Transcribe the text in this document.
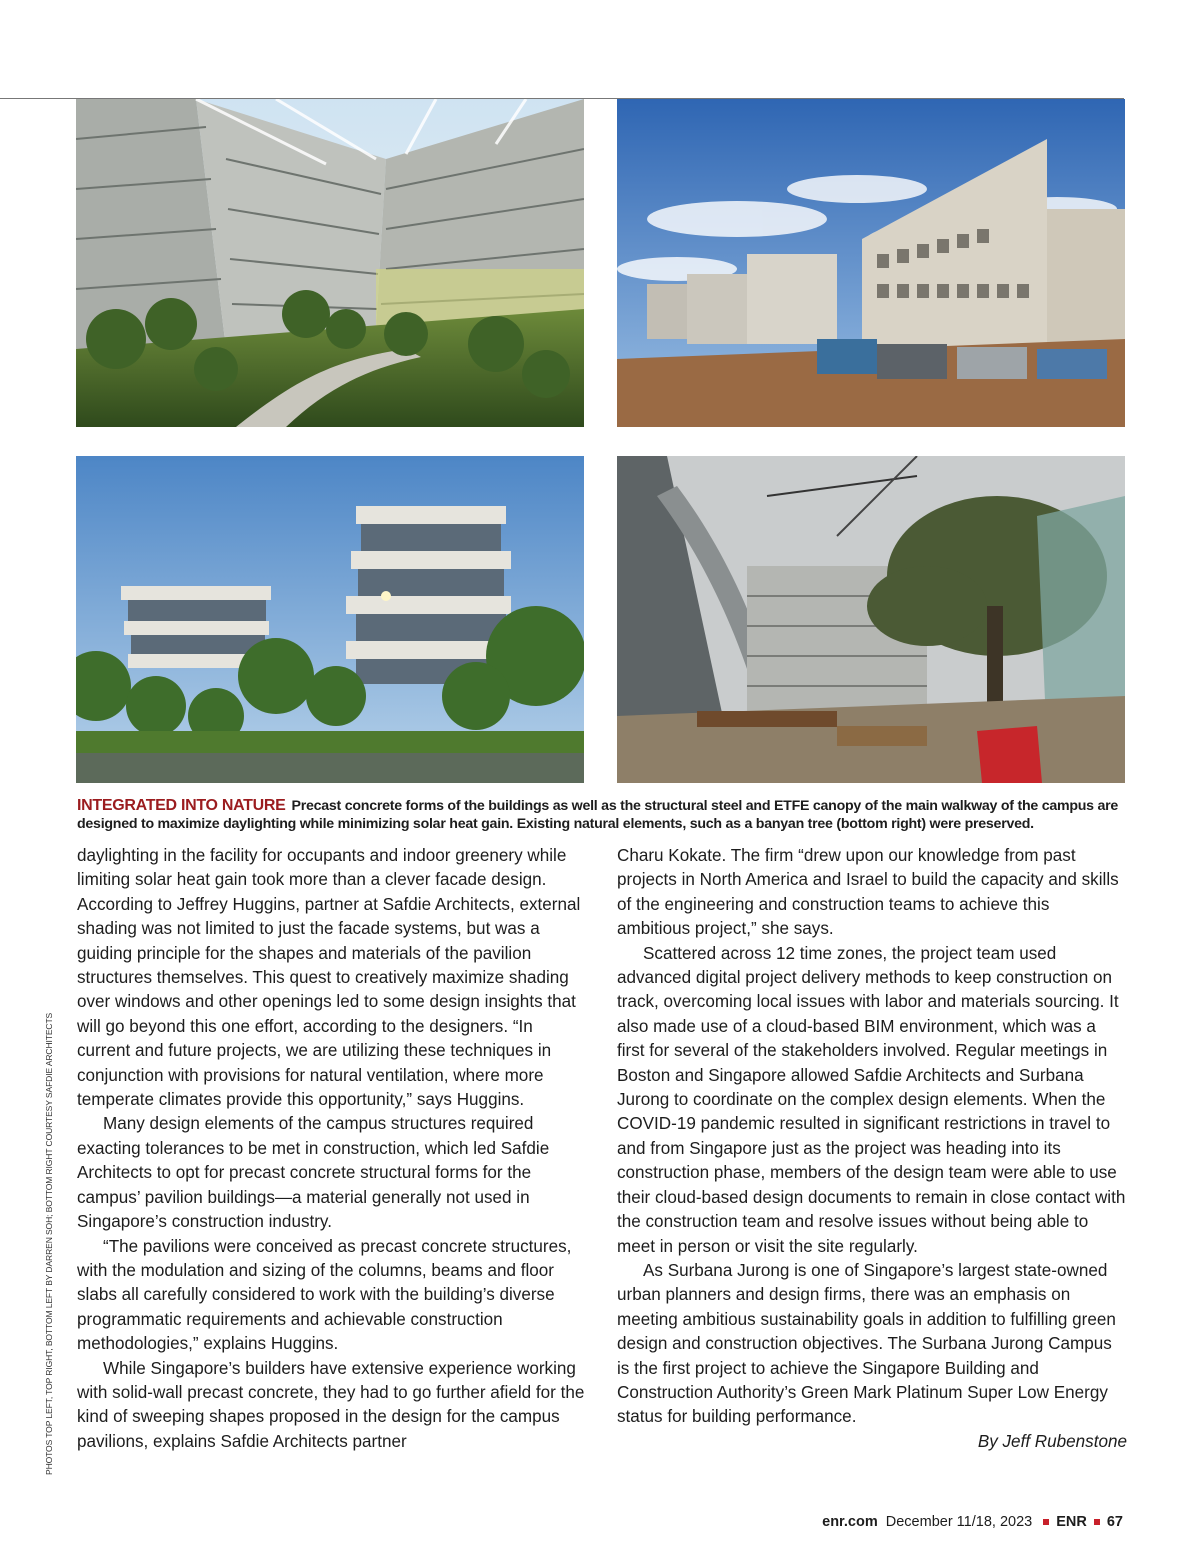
INTEGRATED INTO NATURE Precast concrete forms of the buildings as well as the structural steel and ETFE canopy of the main walkway of the campus are designed to maximize daylighting while minimizing solar heat gain. Existing natural elements, such as a banyan tree (bottom right) were preserved.

daylighting in the facility for occupants and indoor greenery while limiting solar heat gain took more than a clever facade design. According to Jeffrey Huggins, partner at Safdie Architects, external shading was not limited to just the facade systems, but was a guiding principle for the shapes and materials of the pavilion structures themselves. This quest to creatively maximize shading over windows and other openings led to some design insights that will go beyond this one effort, according to the designers. “In current and future projects, we are utilizing these techniques in conjunction with provisions for natural ventilation, where more temperate climates provide this opportunity,” says Huggins.

Many design elements of the campus structures required exacting tolerances to be met in construction, which led Safdie Architects to opt for precast concrete structural forms for the campus’ pavilion buildings—a material generally not used in Singapore’s construction industry.

“The pavilions were conceived as precast concrete structures, with the modulation and sizing of the columns, beams and floor slabs all carefully considered to work with the building’s diverse programmatic requirements and achievable construction methodologies,” explains Huggins.

While Singapore’s builders have extensive experience working with solid-wall precast concrete, they had to go further afield for the kind of sweeping shapes proposed in the design for the campus pavilions, explains Safdie Architects partner

Charu Kokate. The firm “drew upon our knowledge from past projects in North America and Israel to build the capacity and skills of the engineering and construction teams to achieve this ambitious project,” she says.

Scattered across 12 time zones, the project team used advanced digital project delivery methods to keep construction on track, overcoming local issues with labor and materials sourcing. It also made use of a cloud-based BIM environment, which was a first for several of the stakeholders involved. Regular meetings in Boston and Singapore allowed Safdie Architects and Surbana Jurong to coordinate on the complex design elements. When the COVID-19 pandemic resulted in significant restrictions in travel to and from Singapore just as the project was heading into its construction phase, members of the design team were able to use their cloud-based design documents to remain in close contact with the construction team and resolve issues without being able to meet in person or visit the site regularly.

As Surbana Jurong is one of Singapore’s largest state-owned urban planners and design firms, there was an emphasis on meeting ambitious sustainability goals in addition to fulfilling green design and construction objectives. The Surbana Jurong Campus is the first project to achieve the Singapore Building and Construction Authority’s Green Mark Platinum Super Low Energy status for building performance.

By Jeff Rubenstone

PHOTOS TOP LEFT, TOP RIGHT, BOTTOM LEFT BY DARREN SOH; BOTTOM RIGHT COURTESY SAFDIE ARCHITECTS
enr.com December 11/18, 2023 ENR 67
